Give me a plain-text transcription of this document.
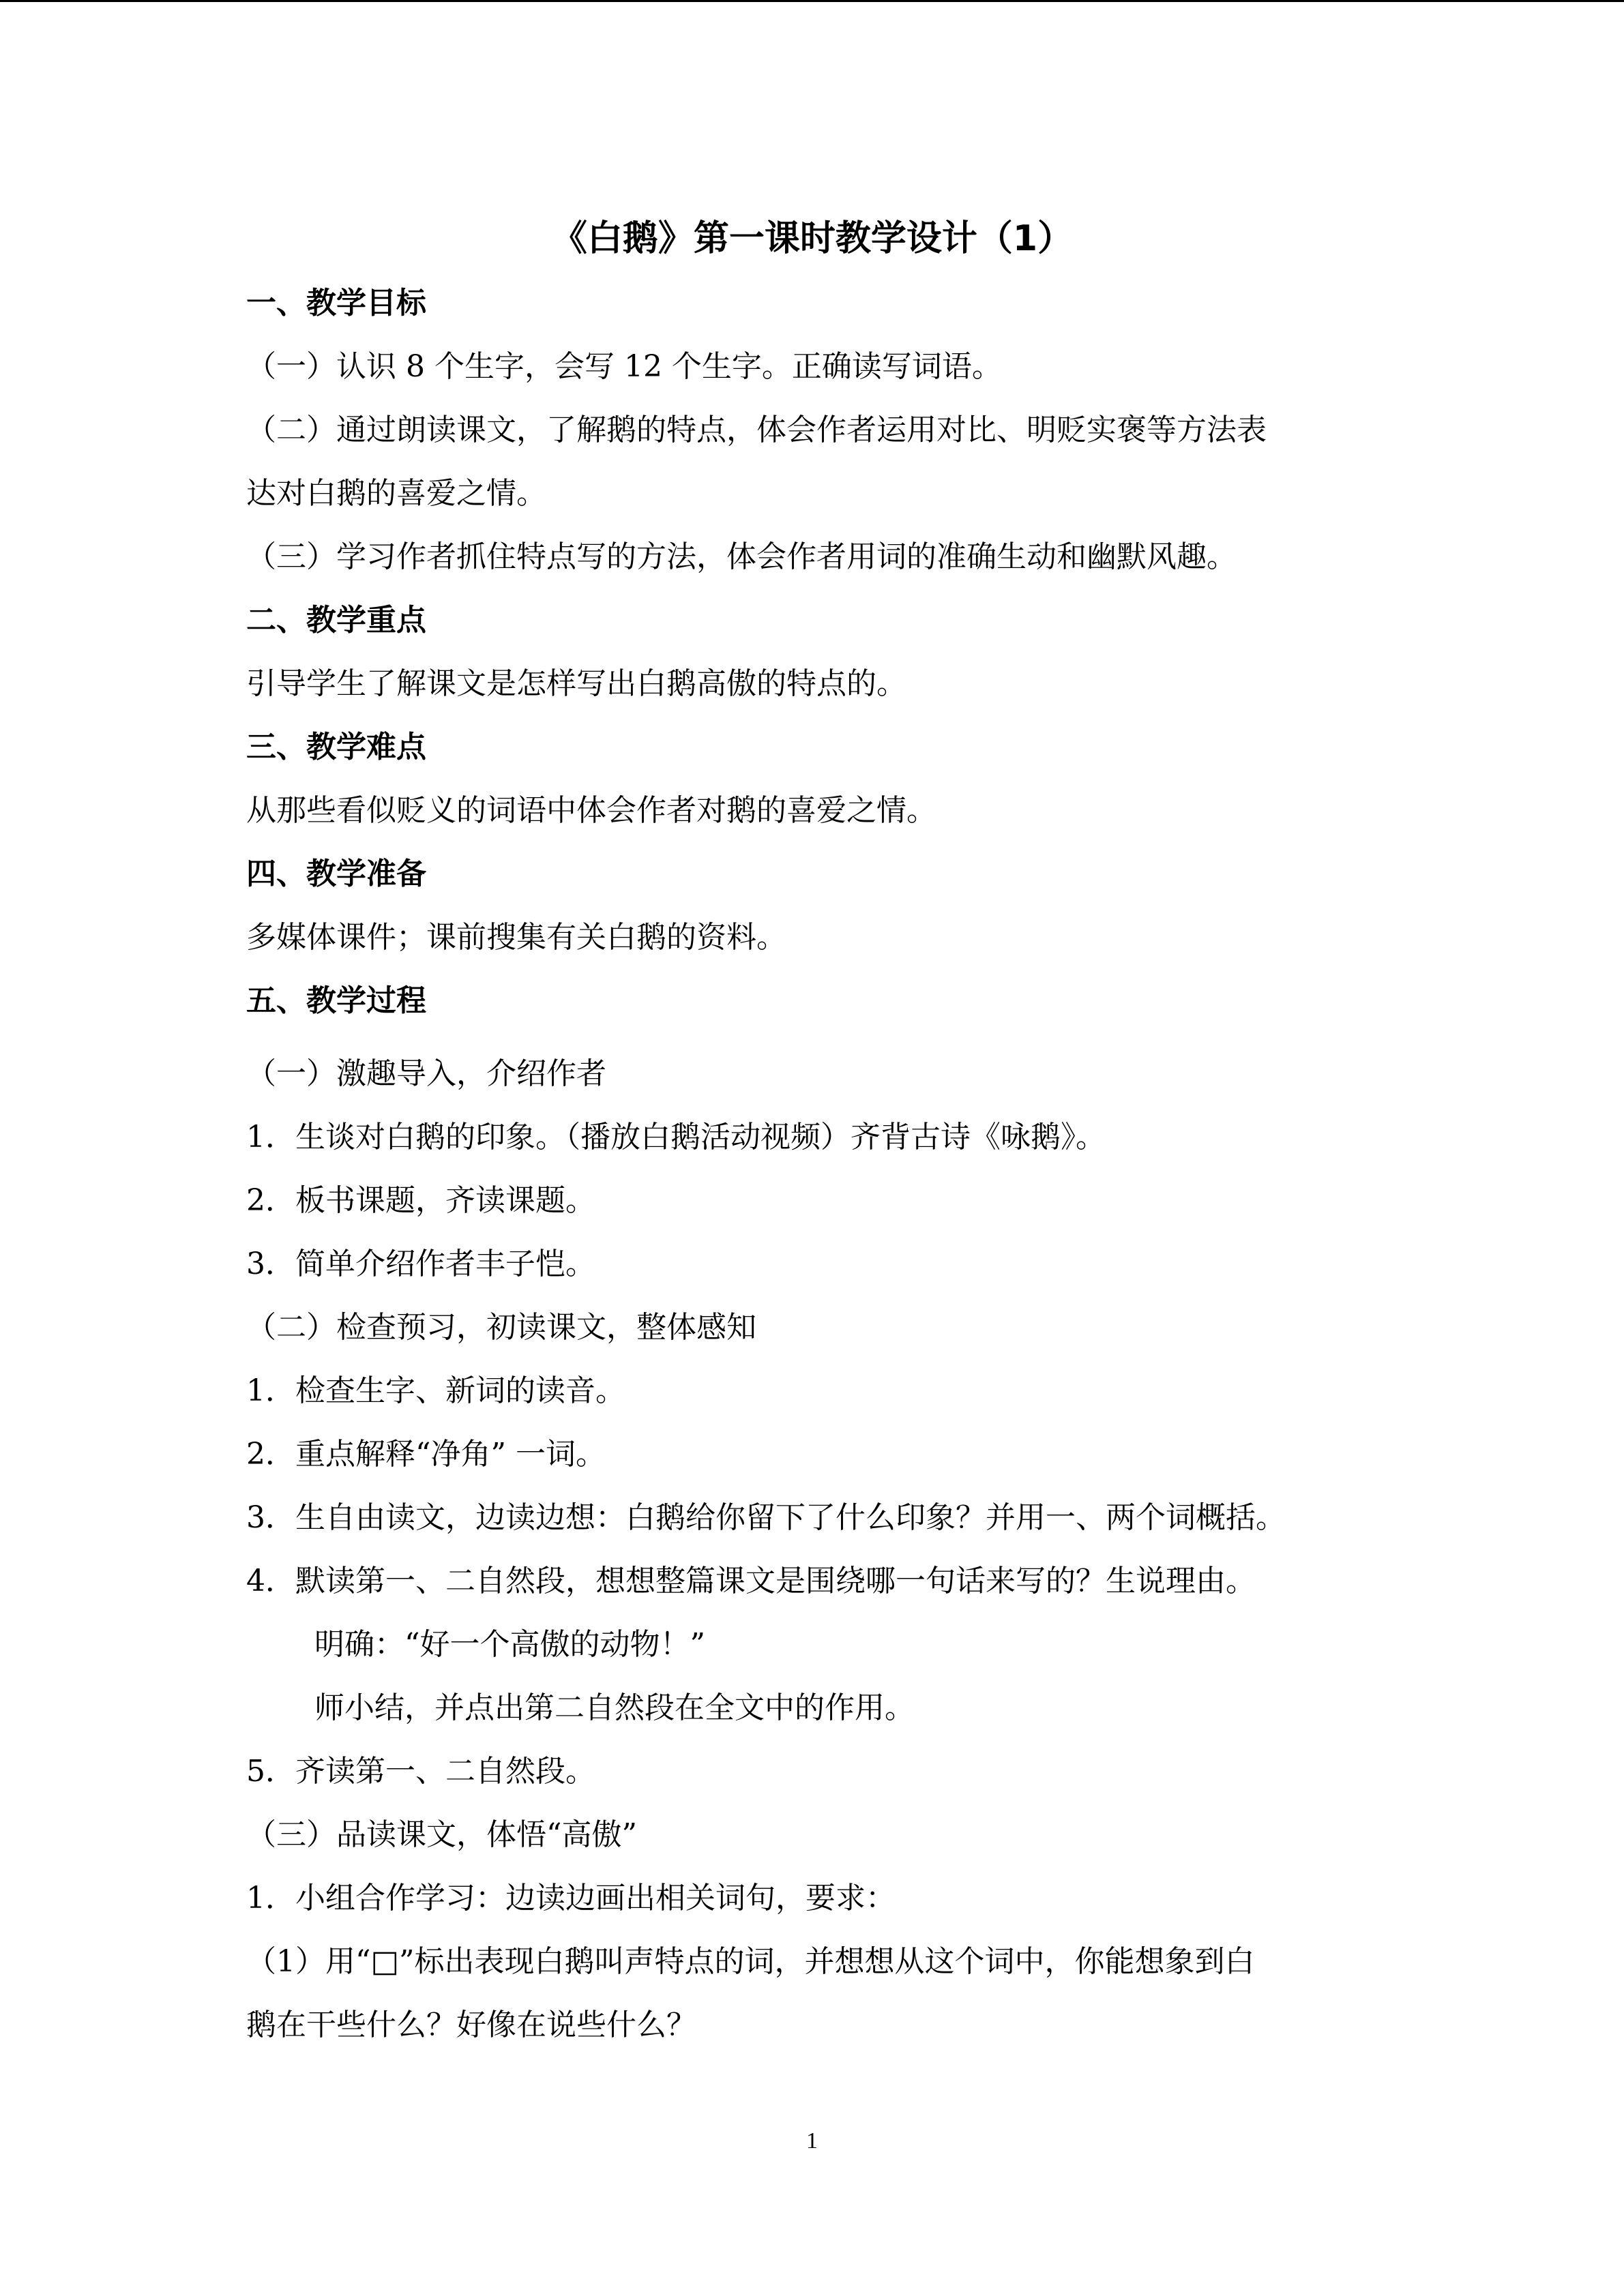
《白鹅》第一课时教学设计（1）
一、教学目标
（一）认识 8 个生字，会写 12 个生字。正确读写词语。
（二）通过朗读课文，了解鹅的特点，体会作者运用对比、明贬实褒等方法表
达对白鹅的喜爱之情。
（三）学习作者抓住特点写的方法，体会作者用词的准确生动和幽默风趣。
二、教学重点
引导学生了解课文是怎样写出白鹅高傲的特点的。
三、教学难点
从那些看似贬义的词语中体会作者对鹅的喜爱之情。
四、教学准备
多媒体课件；课前搜集有关白鹅的资料。
五、教学过程
（一）激趣导入，介绍作者
1．生谈对白鹅的印象。（播放白鹅活动视频）齐背古诗《咏鹅》。
2．板书课题，齐读课题。
3．简单介绍作者丰子恺。
（二）检查预习，初读课文，整体感知
1．检查生字、新词的读音。
2．重点解释“净角” 一词。
3．生自由读文，边读边想：白鹅给你留下了什么印象？并用一、两个词概括。
4．默读第一、二自然段，想想整篇课文是围绕哪一句话来写的？生说理由。
明确：“好一个高傲的动物！”
师小结，并点出第二自然段在全文中的作用。
5．齐读第一、二自然段。
（三）品读课文，体悟“高傲”
1．小组合作学习：边读边画出相关词句，要求：
（1）用“□”标出表现白鹅叫声特点的词，并想想从这个词中，你能想象到白
鹅在干些什么？好像在说些什么？
1
